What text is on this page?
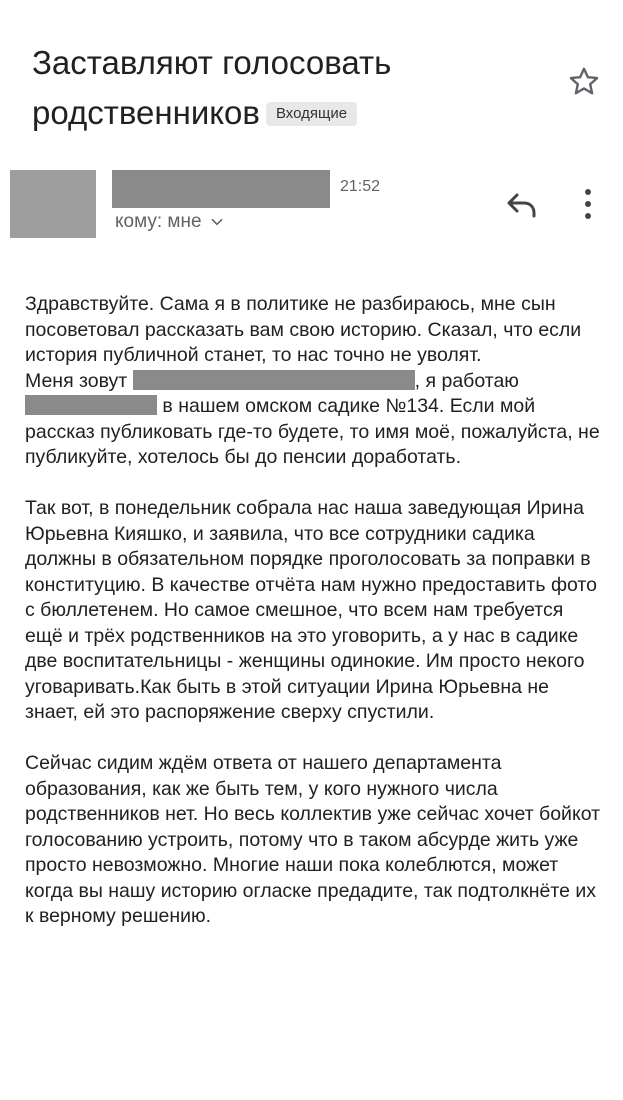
Заставляют голосовать родственников Входящие
21:52
кому: мне

Здравствуйте. Сама я в политике не разбираюсь, мне сын посоветовал рассказать вам свою историю. Сказал, что если история публичной станет, то нас точно не уволят.
Меня зовут	, я работаю
в нашем омском садике №134. Если мой рассказ публиковать где-то будете, то имя моё, пожалуйста, не публикуйте, хотелось бы до пенсии доработать.

Так вот, в понедельник собрала нас наша заведующая Ирина Юрьевна Кияшко, и заявила, что все сотрудники садика должны в обязательном порядке проголосовать за поправки в конституцию. В качестве отчёта нам нужно предоставить фото с бюллетенем. Но самое смешное, что всем нам требуется ещё и трёх родственников на это уговорить, а у нас в садике две воспитательницы - женщины одинокие. Им просто некого уговаривать.Как быть в этой ситуации Ирина Юрьевна не знает, ей это распоряжение сверху спустили.

Сейчас сидим ждём ответа от нашего департамента образования, как же быть тем, у кого нужного числа родственников нет. Но весь коллектив уже сейчас хочет бойкот голосованию устроить, потому что в таком абсурде жить уже просто невозможно. Многие наши пока колеблются, может когда вы нашу историю огласке предадите, так подтолкнёте их к верному решению.
